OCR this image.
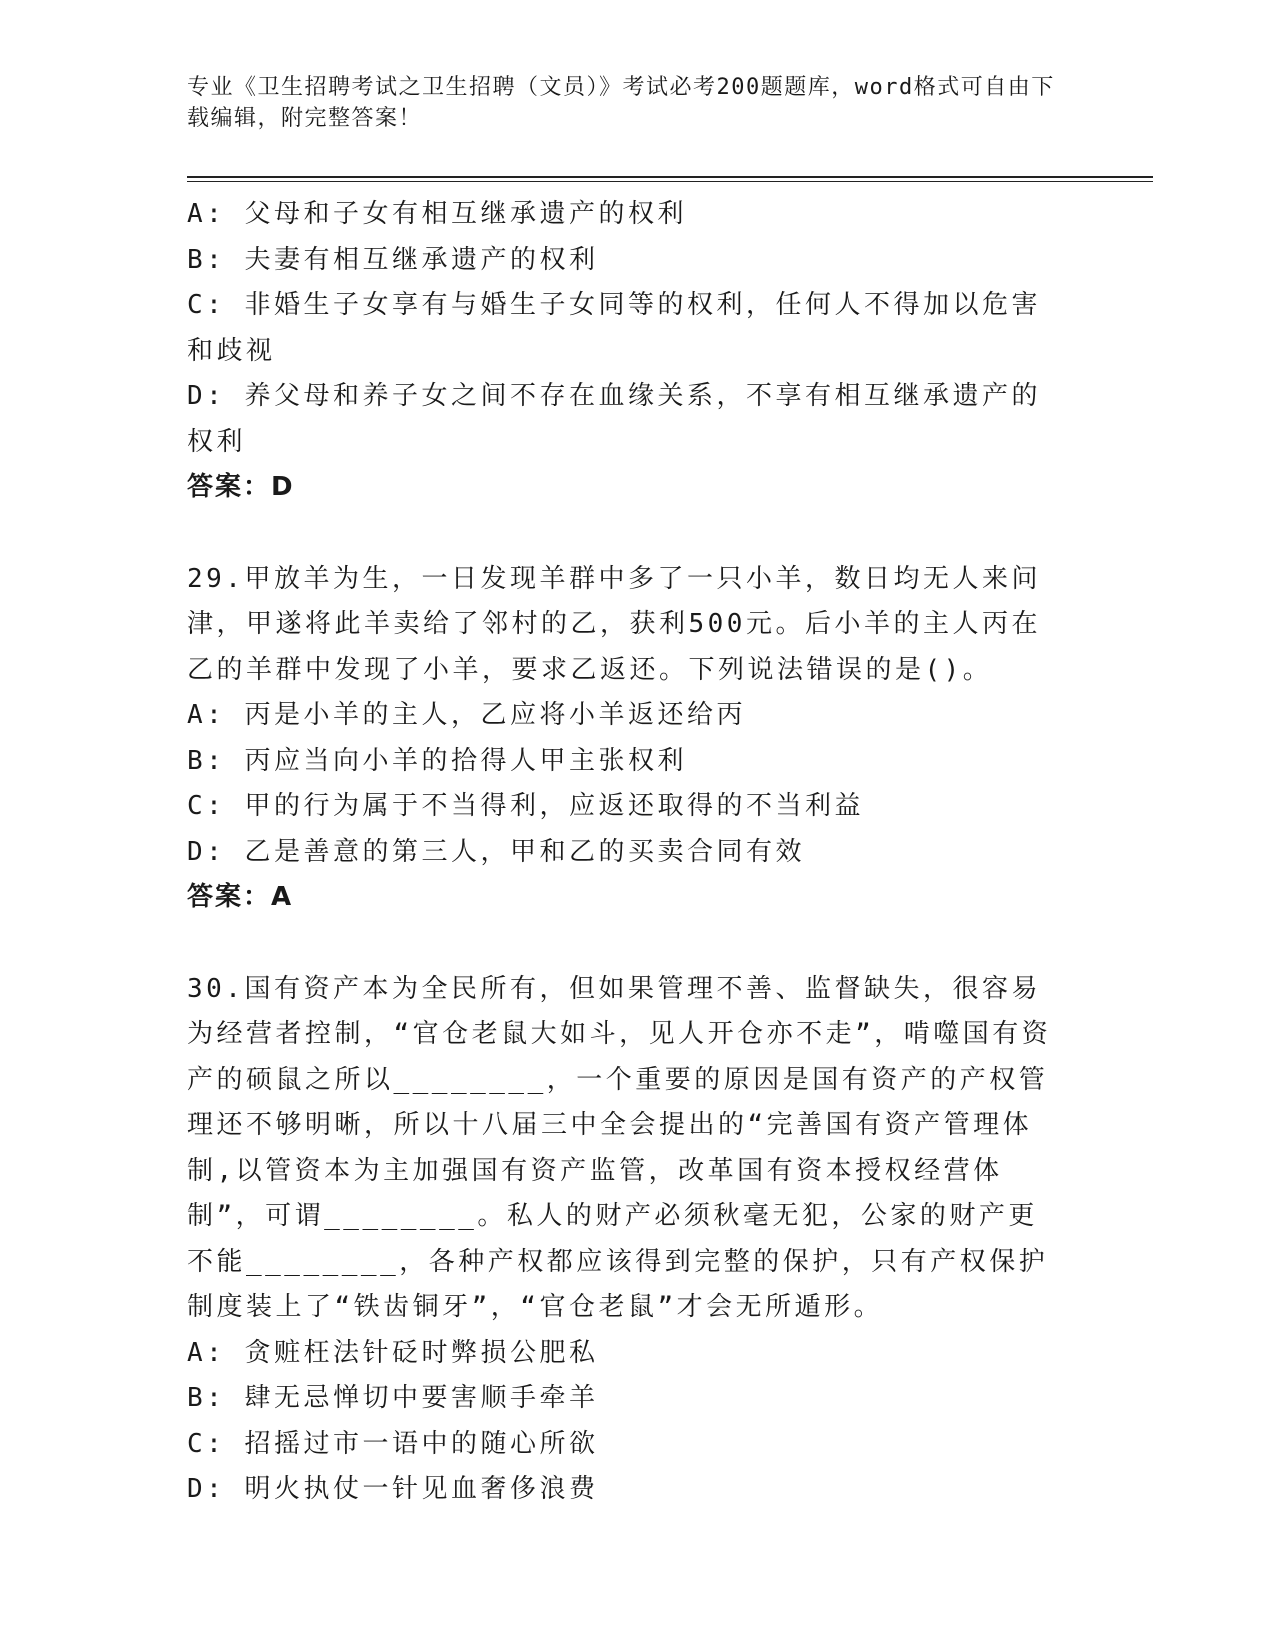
专业《卫生招聘考试之卫生招聘（文员）》考试必考200题题库，word格式可自由下载编辑，附完整答案！

A: 父母和子女有相互继承遗产的权利

B: 夫妻有相互继承遗产的权利

C: 非婚生子女享有与婚生子女同等的权利，任何人不得加以危害和歧视

D: 养父母和养子女之间不存在血缘关系，不享有相互继承遗产的权利

答案：D

29.甲放羊为生，一日发现羊群中多了一只小羊，数日均无人来问津，甲遂将此羊卖给了邻村的乙，获利500元。后小羊的主人丙在乙的羊群中发现了小羊，要求乙返还。下列说法错误的是()。

A: 丙是小羊的主人，乙应将小羊返还给丙

B: 丙应当向小羊的拾得人甲主张权利

C: 甲的行为属于不当得利，应返还取得的不当利益

D: 乙是善意的第三人，甲和乙的买卖合同有效

答案：A

30.国有资产本为全民所有，但如果管理不善、监督缺失，很容易为经营者控制，“官仓老鼠大如斗，见人开仓亦不走”，啃噬国有资产的硕鼠之所以________，一个重要的原因是国有资产的产权管理还不够明晰，所以十八届三中全会提出的“完善国有资产管理体制,以管资本为主加强国有资产监管，改革国有资本授权经营体制”，可谓________。私人的财产必须秋毫无犯，公家的财产更不能________，各种产权都应该得到完整的保护，只有产权保护制度装上了“铁齿铜牙”，“官仓老鼠”才会无所遁形。

A: 贪赃枉法针砭时弊损公肥私

B: 肆无忌惮切中要害顺手牵羊

C: 招摇过市一语中的随心所欲

D: 明火执仗一针见血奢侈浪费
